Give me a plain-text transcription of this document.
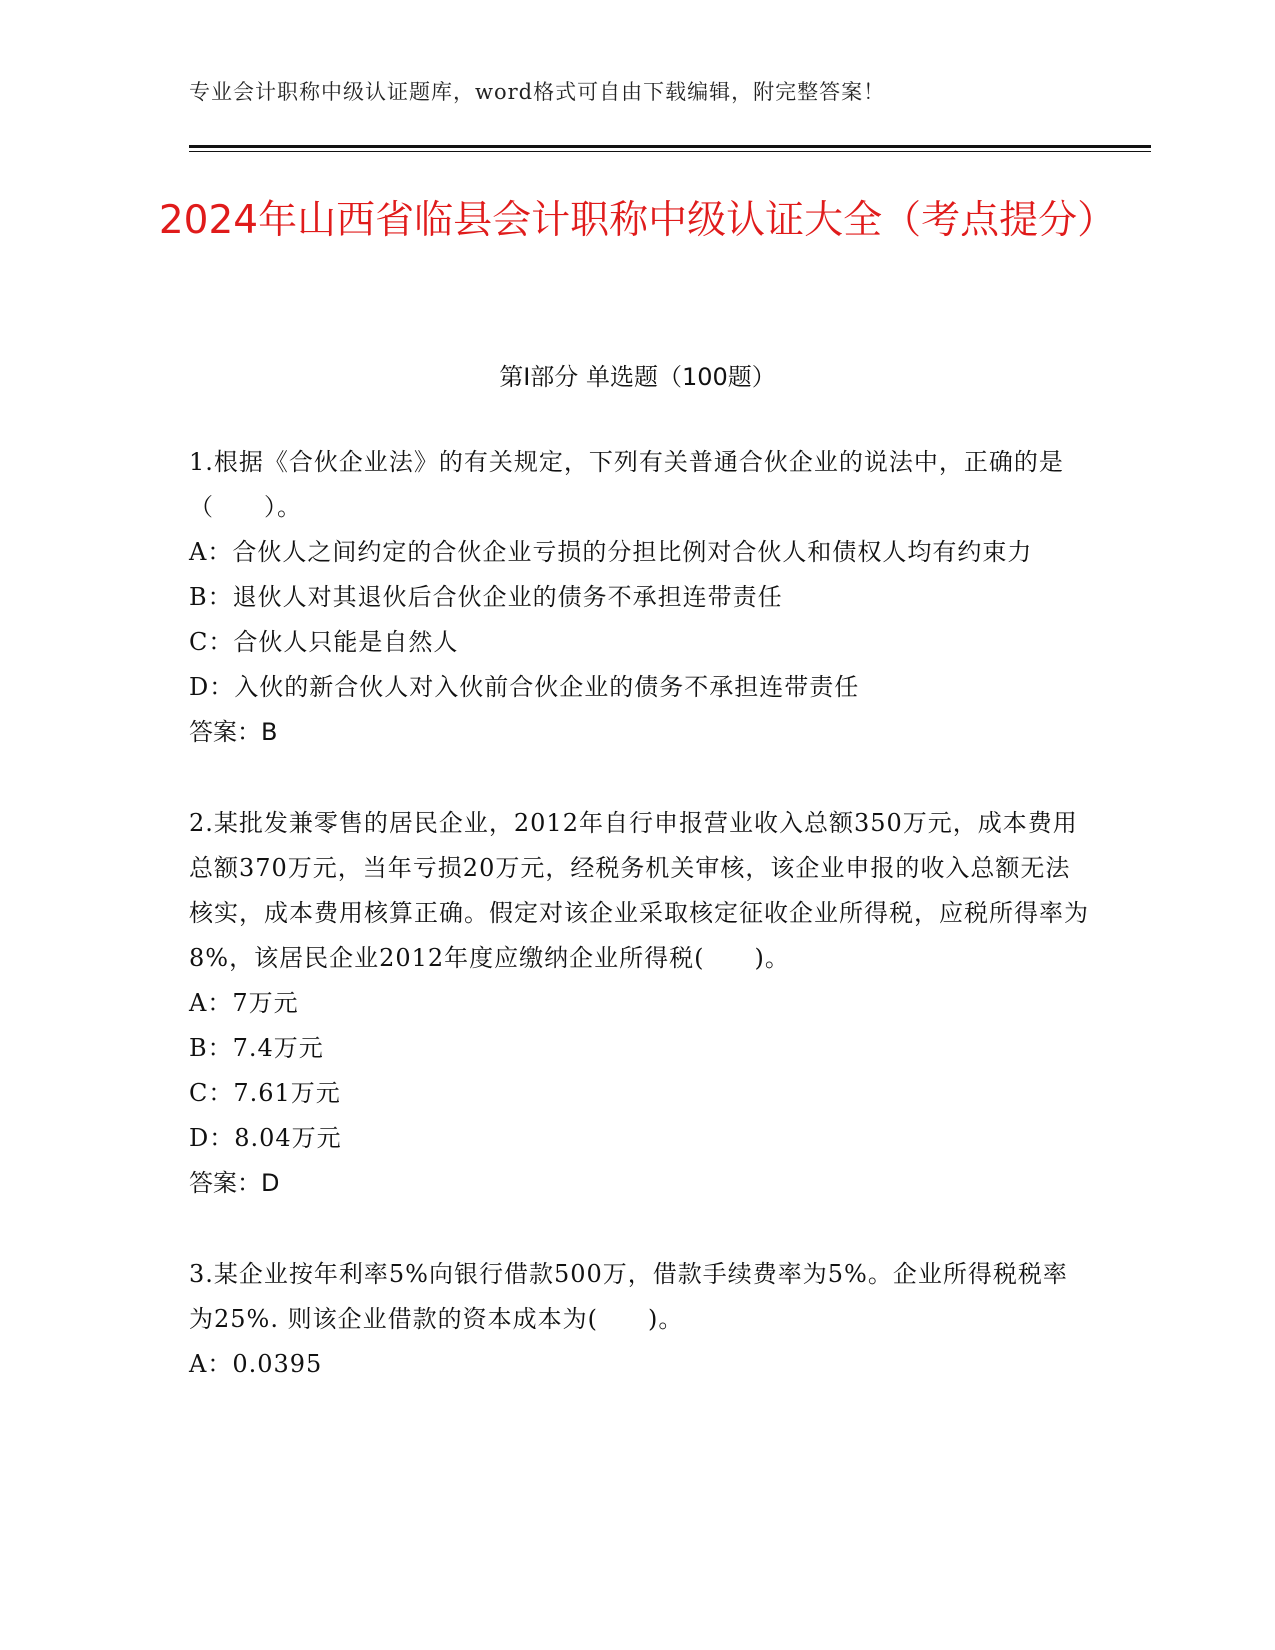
专业会计职称中级认证题库，word格式可自由下载编辑，附完整答案！
2024年山西省临县会计职称中级认证大全（考点提分）
第Ⅰ部分 单选题（100题）

1.根据《合伙企业法》的有关规定，下列有关普通合伙企业的说法中，正确的是（　　）。

A：合伙人之间约定的合伙企业亏损的分担比例对合伙人和债权人均有约束力

B：退伙人对其退伙后合伙企业的债务不承担连带责任

C：合伙人只能是自然人

D：入伙的新合伙人对入伙前合伙企业的债务不承担连带责任

答案：B

2.某批发兼零售的居民企业，2012年自行申报营业收入总额350万元，成本费用总额370万元，当年亏损20万元，经税务机关审核，该企业申报的收入总额无法核实，成本费用核算正确。假定对该企业采取核定征收企业所得税，应税所得率为8%，该居民企业2012年度应缴纳企业所得税(　　)。

A：7万元

B：7.4万元

C：7.61万元

D：8.04万元

答案：D

3.某企业按年利率5%向银行借款500万，借款手续费率为5%。企业所得税税率为25%. 则该企业借款的资本成本为(　　)。

A：0.0395
